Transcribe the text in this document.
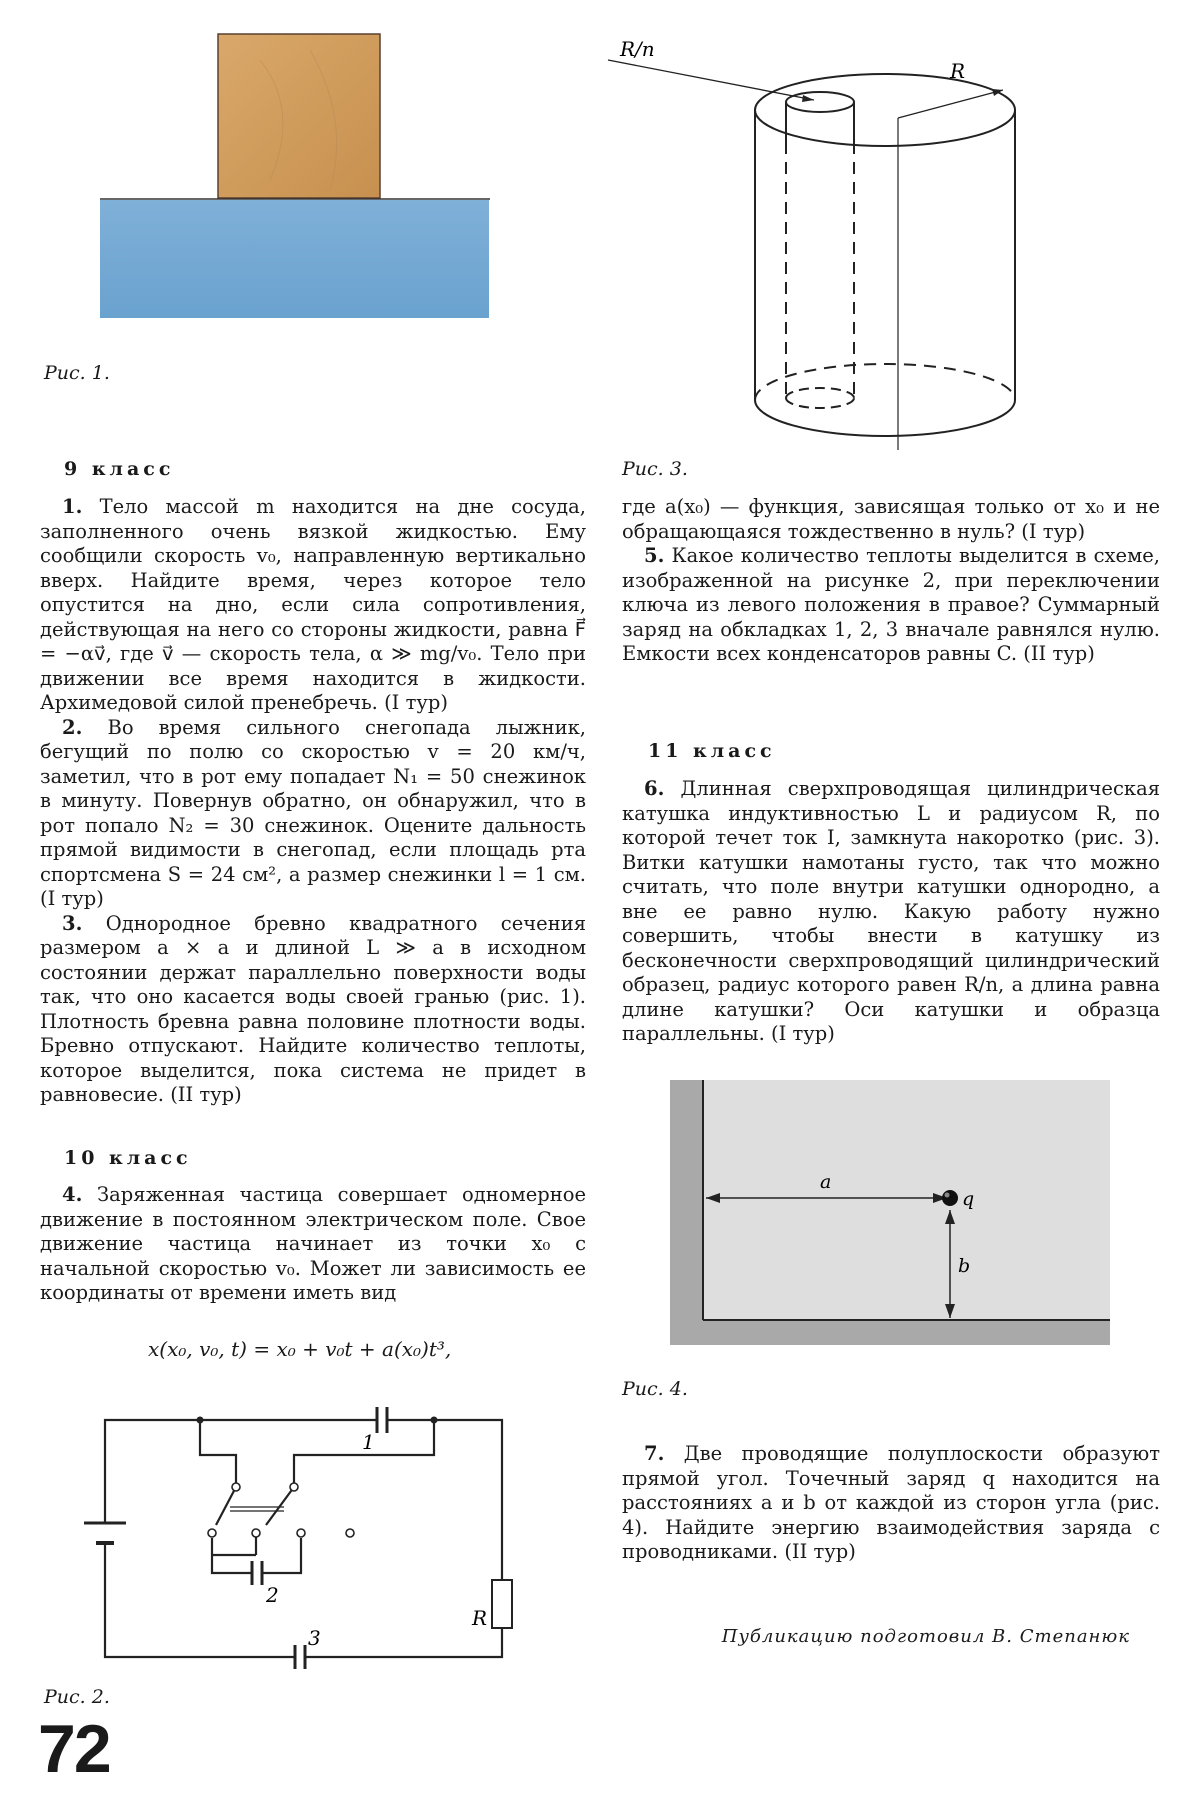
Рис. 1.
R/n
R
Рис. 3.
9 класс

1. Тело массой m находится на дне сосуда, заполненного очень вязкой жидкостью. Ему сообщили скорость v₀, направленную вертикально вверх. Найдите время, через которое тело опустится на дно, если сила сопротивления, действующая на него со стороны жидкости, равна F⃗ = −αv⃗, где v⃗ — скорость тела, α ≫ mg/v₀. Тело при движении все время находится в жидкости. Архимедовой силой пренебречь. (I тур)

2. Во время сильного снегопада лыжник, бегущий по полю со скоростью v = 20 км/ч, заметил, что в рот ему попадает N₁ = 50 снежинок в минуту. Повернув обратно, он обнаружил, что в рот попало N₂ = 30 снежинок. Оцените дальность прямой видимости в снегопад, если площадь рта спортсмена S = 24 см², а размер снежинки l = 1 см. (I тур)

3. Однородное бревно квадратного сечения размером a × a и длиной L ≫ a в исходном состоянии держат параллельно поверхности воды так, что оно касается воды своей гранью (рис. 1). Плотность бревна равна половине плотности воды. Бревно отпускают. Найдите количество теплоты, которое выделится, пока система не придет в равновесие. (II тур)

10 класс

4. Заряженная частица совершает одномерное движение в постоянном электрическом поле. Свое движение частица начинает из точки x₀ с начальной скоростью v₀. Может ли зависимость ее координаты от времени иметь вид

x(x₀, v₀, t) = x₀ + v₀t + a(x₀)t³,
1
2
3
R
Рис. 2.

где a(x₀) — функция, зависящая только от x₀ и не обращающаяся тождественно в нуль? (I тур)

5. Какое количество теплоты выделится в схеме, изображенной на рисунке 2, при переключении ключа из левого положения в правое? Суммарный заряд на обкладках 1, 2, 3 вначале равнялся нулю. Емкости всех конденсаторов равны C. (II тур)

11 класс

6. Длинная сверхпроводящая цилиндрическая катушка индуктивностью L и радиусом R, по которой течет ток I, замкнута накоротко (рис. 3). Витки катушки намотаны густо, так что можно считать, что поле внутри катушки однородно, а вне ее равно нулю. Какую работу нужно совершить, чтобы внести в катушку из бесконечности сверхпроводящий цилиндрический образец, радиус которого равен R/n, а длина равна длине катушки? Оси катушки и образца параллельны. (I тур)

a
b
q
Рис. 4.

7. Две проводящие полуплоскости образуют прямой угол. Точечный заряд q находится на расстояниях a и b от каждой из сторон угла (рис. 4). Найдите энергию взаимодействия заряда с проводниками. (II тур)

Публикацию подготовил В. Степанюк
72
